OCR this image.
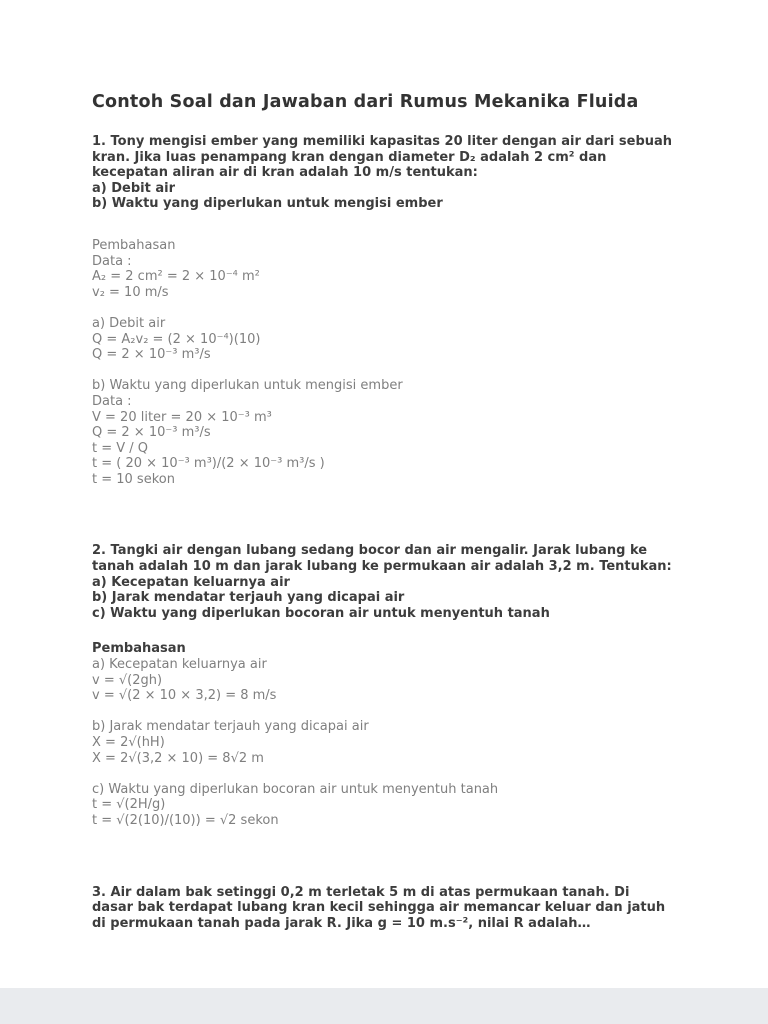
Contoh Soal dan Jawaban dari Rumus Mekanika Fluida
1. Tony mengisi ember yang memiliki kapasitas 20 liter dengan air dari sebuah kran. Jika luas penampang kran dengan diameter D₂ adalah 2 cm² dan kecepatan aliran air di kran adalah 10 m/s tentukan:
a) Debit air
b) Waktu yang diperlukan untuk mengisi ember
Pembahasan
Data :
A₂ = 2 cm² = 2 × 10⁻⁴ m²
v₂ = 10 m/s
a) Debit air
Q = A₂v₂ = (2 × 10⁻⁴)(10)
Q = 2 × 10⁻³ m³/s
b) Waktu yang diperlukan untuk mengisi ember
Data :
V = 20 liter = 20 × 10⁻³ m³
Q = 2 × 10⁻³ m³/s
t = V / Q
t = ( 20 × 10⁻³ m³)/(2 × 10⁻³ m³/s )
t = 10 sekon
2. Tangki air dengan lubang sedang bocor dan air mengalir. Jarak lubang ke tanah adalah 10 m dan jarak lubang ke permukaan air adalah 3,2 m. Tentukan:
a) Kecepatan keluarnya air
b) Jarak mendatar terjauh yang dicapai air
c) Waktu yang diperlukan bocoran air untuk menyentuh tanah
Pembahasan
a) Kecepatan keluarnya air
v = √(2gh)
v = √(2 × 10 × 3,2) = 8 m/s
b) Jarak mendatar terjauh yang dicapai air
X = 2√(hH)
X = 2√(3,2 × 10) = 8√2 m
c) Waktu yang diperlukan bocoran air untuk menyentuh tanah
t = √(2H/g)
t = √(2(10)/(10)) = √2 sekon
3. Air dalam bak setinggi 0,2 m terletak 5 m di atas permukaan tanah. Di dasar bak terdapat lubang kran kecil sehingga air memancar keluar dan jatuh di permukaan tanah pada jarak R. Jika g = 10 m.s⁻², nilai R adalah…
